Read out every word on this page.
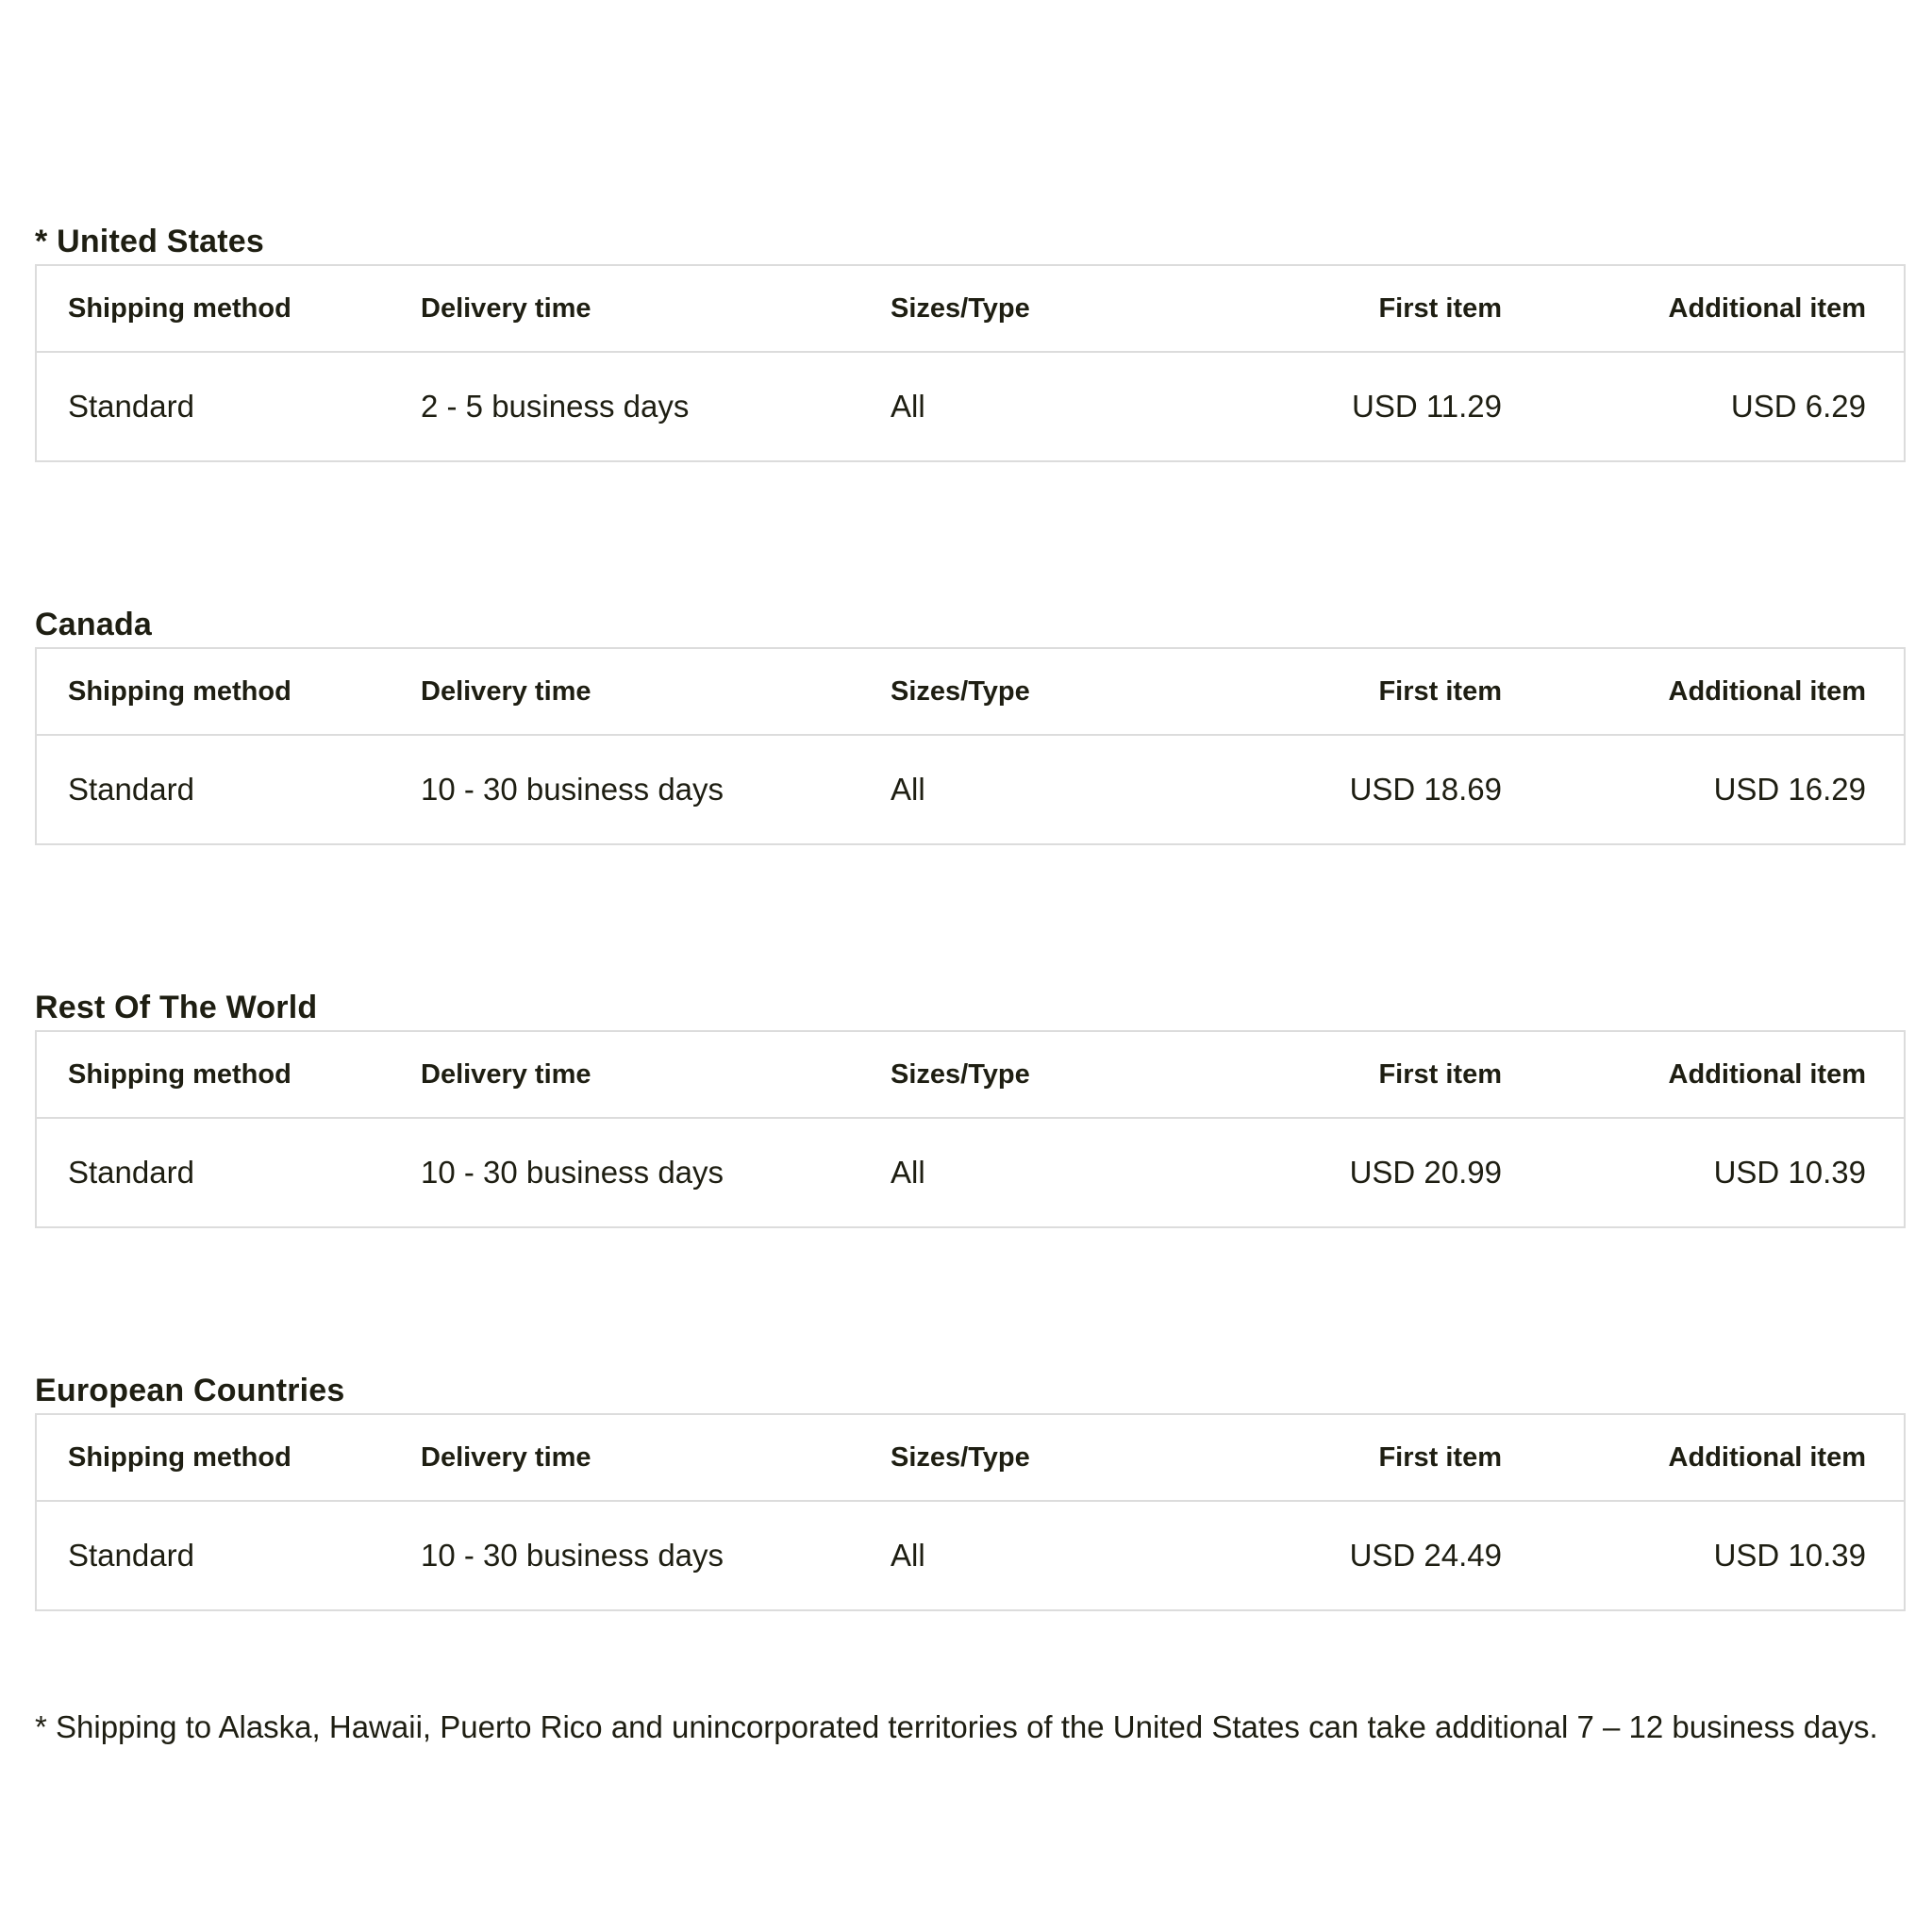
* United States
Shipping method	Delivery time	Sizes/Type	First item	Additional item	
Standard	2 - 5 business days	All	USD 11.29	USD 6.29	
Canada
Shipping method	Delivery time	Sizes/Type	First item	Additional item	
Standard	10 - 30 business days	All	USD 18.69	USD 16.29	
Rest Of The World
Shipping method	Delivery time	Sizes/Type	First item	Additional item	
Standard	10 - 30 business days	All	USD 20.99	USD 10.39	
European Countries
Shipping method	Delivery time	Sizes/Type	First item	Additional item	
Standard	10 - 30 business days	All	USD 24.49	USD 10.39	

* Shipping to Alaska, Hawaii, Puerto Rico and unincorporated territories of the United States can take additional 7 – 12 business days.
